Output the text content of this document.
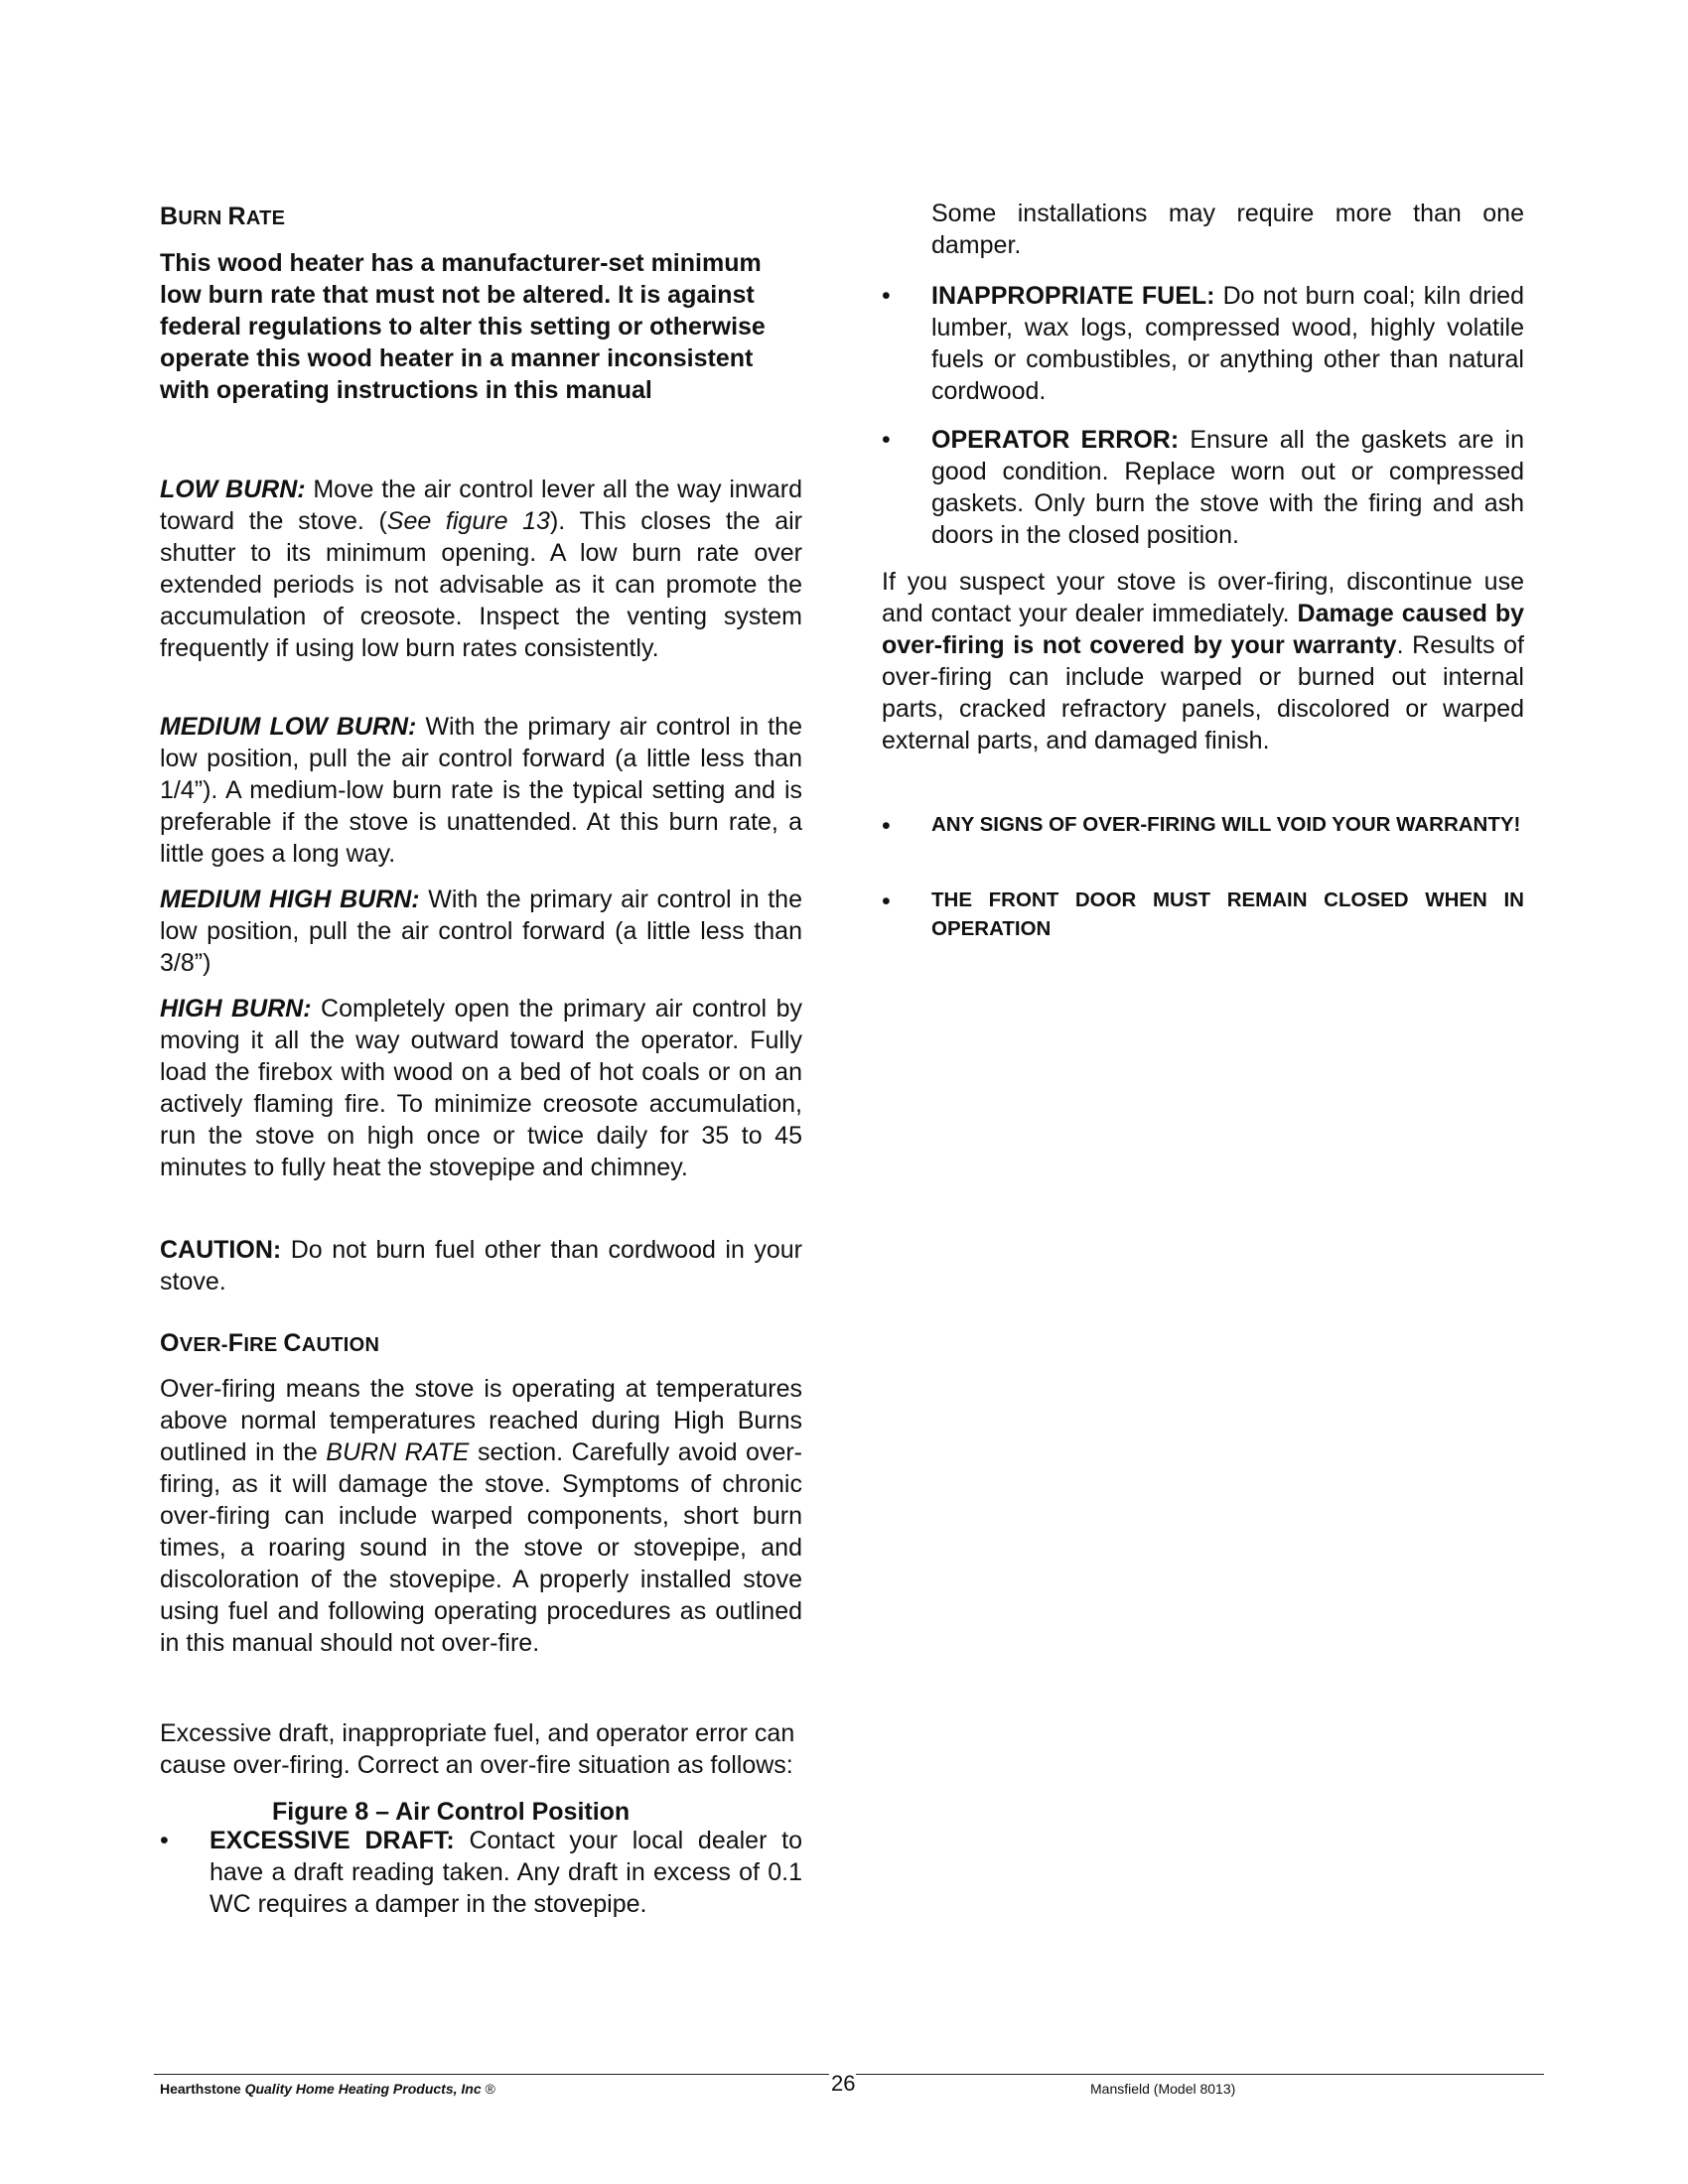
BURN RATE
This wood heater has a manufacturer-set minimum low burn rate that must not be altered. It is against federal regulations to alter this setting or otherwise operate this wood heater in a manner inconsistent with operating instructions in this manual
LOW BURN: Move the air control lever all the way inward toward the stove. (See figure 13). This closes the air shutter to its minimum opening. A low burn rate over extended periods is not advisable as it can promote the accumulation of creosote. Inspect the venting system frequently if using low burn rates consistently.
MEDIUM LOW BURN: With the primary air control in the low position, pull the air control forward (a little less than 1/4”). A medium-low burn rate is the typical setting and is preferable if the stove is unattended. At this burn rate, a little goes a long way.
MEDIUM HIGH BURN: With the primary air control in the low position, pull the air control forward (a little less than 3/8”)
HIGH BURN: Completely open the primary air control by moving it all the way outward toward the operator. Fully load the firebox with wood on a bed of hot coals or on an actively flaming fire. To minimize creosote accumulation, run the stove on high once or twice daily for 35 to 45 minutes to fully heat the stovepipe and chimney.
CAUTION: Do not burn fuel other than cordwood in your stove.
OVER-FIRE CAUTION
Over-firing means the stove is operating at temperatures above normal temperatures reached during High Burns outlined in the BURN RATE section. Carefully avoid over-firing, as it will damage the stove. Symptoms of chronic over-firing can include warped components, short burn times, a roaring sound in the stove or stovepipe, and discoloration of the stovepipe. A properly installed stove using fuel and following operating procedures as outlined in this manual should not over-fire.
Excessive draft, inappropriate fuel, and operator error can cause over-firing. Correct an over-fire situation as follows:
•	EXCESSIVE DRAFT: Contact your local dealer to have a draft reading taken. Any draft in excess of 0.1 WC requires a damper in the stovepipe.
Figure 8 – Air Control Position
Some installations may require more than one damper.
•	INAPPROPRIATE FUEL: Do not burn coal; kiln dried lumber, wax logs, compressed wood, highly volatile fuels or combustibles, or anything other than natural cordwood.
•	OPERATOR ERROR: Ensure all the gaskets are in good condition. Replace worn out or compressed gaskets. Only burn the stove with the firing and ash doors in the closed position.
If you suspect your stove is over-firing, discontinue use and contact your dealer immediately. Damage caused by over-firing is not covered by your warranty. Results of over-firing can include warped or burned out internal parts, cracked refractory panels, discolored or warped external parts, and damaged finish.
•	ANY SIGNS OF OVER-FIRING WILL VOID YOUR WARRANTY!
•	THE FRONT DOOR MUST REMAIN CLOSED WHEN IN OPERATION
Hearthstone Quality Home Heating Products, Inc ®	26	Mansfield (Model 8013)
